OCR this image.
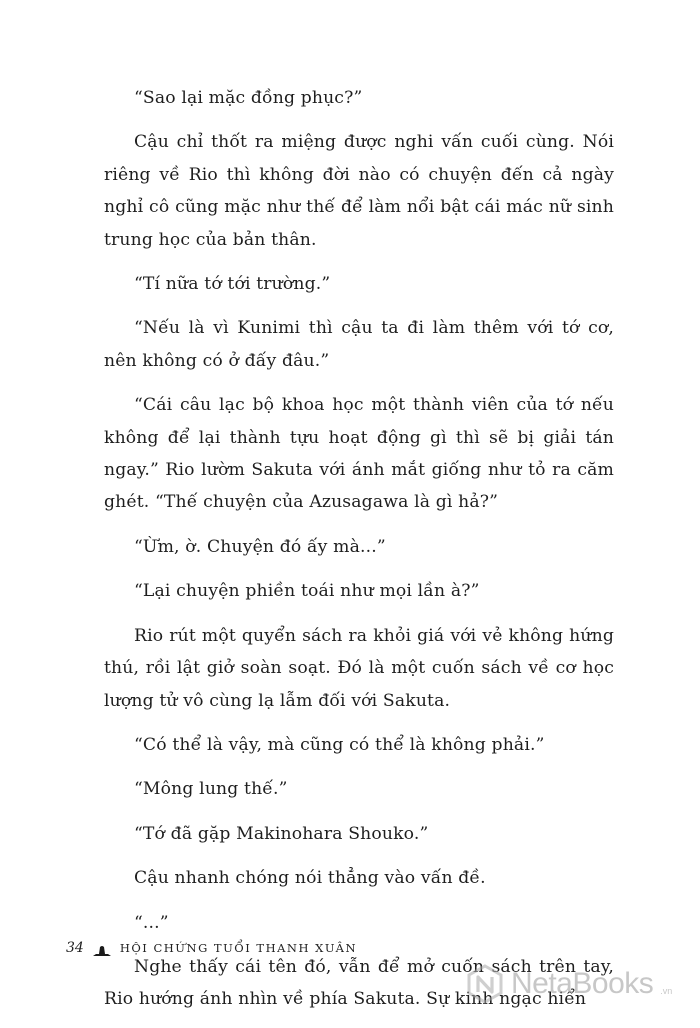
“Sao lại mặc đồng phục?”

Cậu chỉ thốt ra miệng được nghi vấn cuối cùng. Nói riêng về Rio thì không đời nào có chuyện đến cả ngày nghỉ cô cũng mặc như thế để làm nổi bật cái mác nữ sinh trung học của bản thân.

“Tí nữa tớ tới trường.”

“Nếu là vì Kunimi thì cậu ta đi làm thêm với tớ cơ, nên không có ở đấy đâu.”

“Cái câu lạc bộ khoa học một thành viên của tớ nếu không để lại thành tựu hoạt động gì thì sẽ bị giải tán ngay.” Rio lườm Sakuta với ánh mắt giống như tỏ ra căm ghét. “Thế chuyện của Azusagawa là gì hả?”

“Ừm, ờ. Chuyện đó ấy mà...”

“Lại chuyện phiền toái như mọi lần à?”

Rio rút một quyển sách ra khỏi giá với vẻ không hứng thú, rồi lật giở soàn soạt. Đó là một cuốn sách về cơ học lượng tử vô cùng lạ lẫm đối với Sakuta.

“Có thể là vậy, mà cũng có thể là không phải.”

“Mông lung thế.”

“Tớ đã gặp Makinohara Shouko.”

Cậu nhanh chóng nói thẳng vào vấn đề.

“...”

Nghe thấy cái tên đó, vẫn để mở cuốn sách trên tay, Rio hướng ánh nhìn về phía Sakuta. Sự kinh ngạc hiển

34	HỘI CHỨNG TUỔI THANH XUÂN
NetaBooks .vn
